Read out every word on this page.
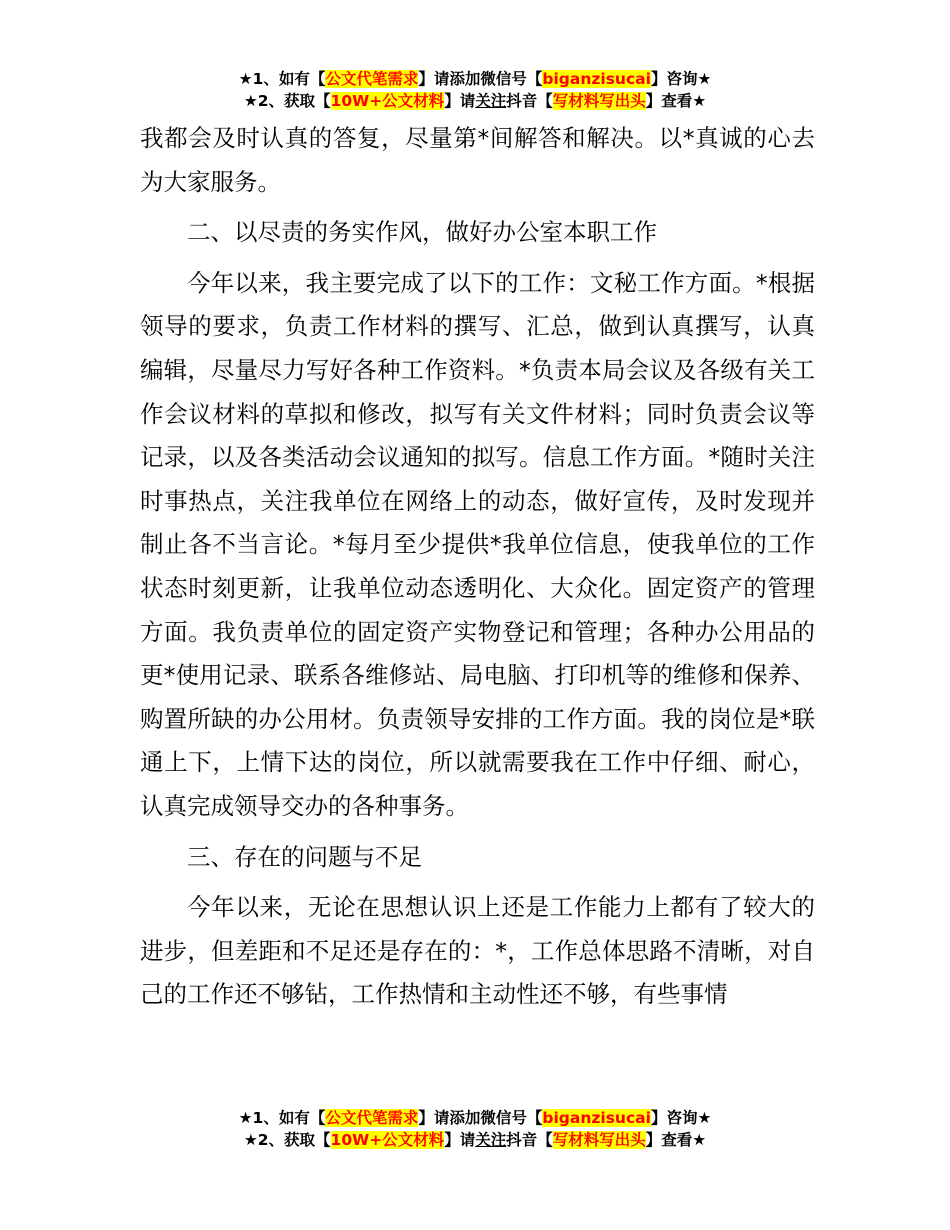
★1、如有【公文代笔需求】请添加微信号【biganzisucai】咨询★
★2、获取【10W+公文材料】请关注抖音【写材料写出头】查看★

我都会及时认真的答复，尽量第*间解答和解决。以*真诚的心去为大家服务。

二、以尽责的务实作风，做好办公室本职工作

今年以来，我主要完成了以下的工作：文秘工作方面。*根据领导的要求，负责工作材料的撰写、汇总，做到认真撰写，认真编辑，尽量尽力写好各种工作资料。*负责本局会议及各级有关工作会议材料的草拟和修改，拟写有关文件材料；同时负责会议等记录，以及各类活动会议通知的拟写。信息工作方面。*随时关注时事热点，关注我单位在网络上的动态，做好宣传，及时发现并制止各不当言论。*每月至少提供*我单位信息，使我单位的工作状态时刻更新，让我单位动态透明化、大众化。固定资产的管理方面。我负责单位的固定资产实物登记和管理；各种办公用品的更*使用记录、联系各维修站、局电脑、打印机等的维修和保养、购置所缺的办公用材。负责领导安排的工作方面。我的岗位是*联通上下，上情下达的岗位，所以就需要我在工作中仔细、耐心，认真完成领导交办的各种事务。

三、存在的问题与不足

今年以来，无论在思想认识上还是工作能力上都有了较大的进步，但差距和不足还是存在的：*，工作总体思路不清晰，对自己的工作还不够钻，工作热情和主动性还不够，有些事情

★1、如有【公文代笔需求】请添加微信号【biganzisucai】咨询★
★2、获取【10W+公文材料】请关注抖音【写材料写出头】查看★
